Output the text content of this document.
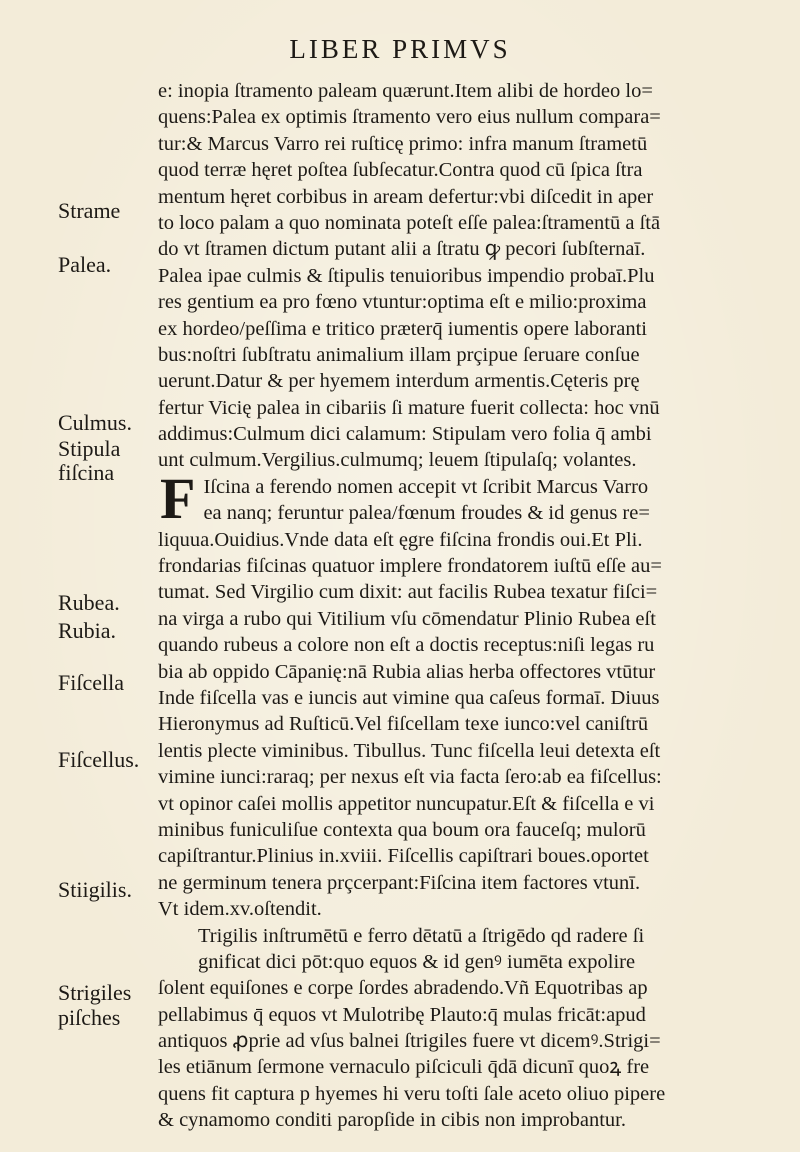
LIBER PRIMVS
Strame
Palea.
Culmus.
Stipula
fiſcina
Rubea.
Rubia.
Fiſcella
Fiſcellus.
Stiigilis.
Strigiles
piſches
e: inopia ſtramento paleam quærunt.Item alibi de hordeo lo=
quens:Palea ex optimis ſtramento vero eius nullum compara=
tur:& Marcus Varro rei ruſticę primo: infra manum ſtrametū
quod terræ hęret poſtea ſubſecatur.Contra quod cū ſpica ſtra
mentum hęret corbibus in aream defertur:vbi diſcedit in aper
to loco palam a quo nominata poteſt eſſe palea:ſtramentū a ſtā
do vt ſtramen dictum putant alii a ſtratu ꝙ pecori ſubſternaī.
Palea ipae culmis & ſtipulis tenuioribus impendio probaī.Plu
res gentium ea pro fœno vtuntur:optima eſt e milio:proxima
ex hordeo/peſſima e tritico præterq̄ iumentis opere laboranti
bus:noſtri ſubſtratu animalium illam prçipue ſeruare conſue
uerunt.Datur & per hyemem interdum armentis.Cęteris prę
fertur Vicię palea in cibariis ſi mature fuerit collecta: hoc vnū
addimus:Culmum dici calamum: Stipulam vero folia q̄ ambi
unt culmum.Vergilius.culmumq; leuem ſtipulaſq; volantes.
F Iſcina a ferendo nomen accepit vt ſcribit Marcus Varro
ea nanq; feruntur palea/fœnum froudes & id genus re=
liquua.Ouidius.Vnde data eſt ęgre fiſcina frondis oui.Et Pli.
frondarias fiſcinas quatuor implere frondatorem iuſtū eſſe au=
tumat. Sed Virgilio cum dixit: aut facilis Rubea texatur fiſci=
na virga a rubo qui Vitilium vſu cōmendatur Plinio Rubea eſt
quando rubeus a colore non eſt a doctis receptus:niſi legas ru
bia ab oppido Cāpanię:nā Rubia alias herba offectores vtūtur
Inde fiſcella vas e iuncis aut vimine qua caſeus formaī. Diuus
Hieronymus ad Ruſticū.Vel fiſcellam texe iunco:vel caniſtrū
lentis plecte viminibus. Tibullus. Tunc fiſcella leui detexta eſt
vimine iunci:raraq; per nexus eſt via facta ſero:ab ea fiſcellus:
vt opinor caſei mollis appetitor nuncupatur.Eſt & fiſcella e vi
minibus funiculiſue contexta qua boum ora fauceſq; mulorū
capiſtrantur.Plinius in.xviii. Fiſcellis capiſtrari boues.oportet
ne germinum tenera prçcerpant:Fiſcina item factores vtunī.
Vt idem.xv.oſtendit.
Trigilis inſtrumētū e ferro dētatū a ſtrigēdo qd radere ſi
gnificat dici pōt:quo equos & id genꝰ iumēta expolire
ſolent equiſones e corpe ſordes abradendo.Vñ Equotribas ap
pellabimus q̄ equos vt Mulotribę Plauto:q̄ mulas fricāt:apud
antiquos ꝓprie ad vſus balnei ſtrigiles fuere vt dicemꝰ.Strigi=
les etiānum ſermone vernaculo piſciculi q̄dā dicunī quoꝝ fre
quens fit captura p hyemes hi veru toſti ſale aceto oliuo pipere
& cynamomo conditi paropſide in cibis non improbantur.
